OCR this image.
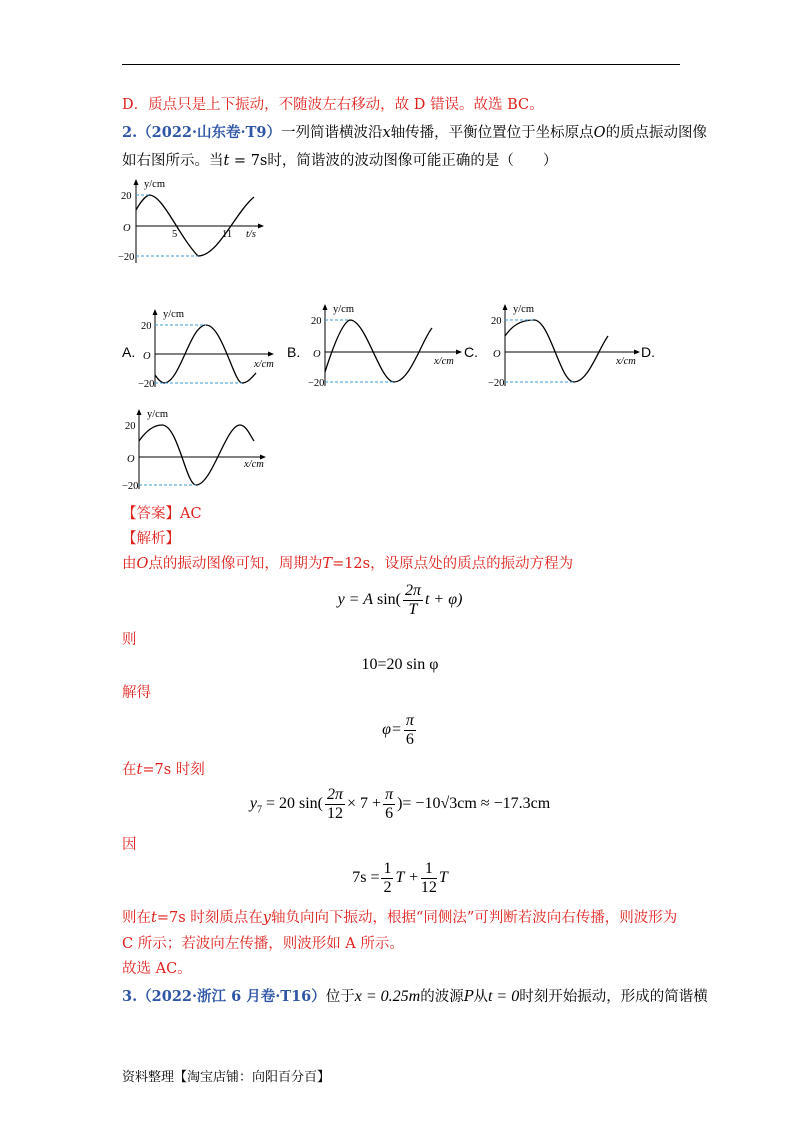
D．质点只是上下振动，不随波左右移动，故 D 错误。故选 BC。
2.（2022·山东卷·T9）一列简谐横波沿x轴传播，平衡位置位于坐标原点O的质点振动图像
如右图所示。当t = 7s时，简谐波的波动图像可能正确的是（　　）
y/cm
20
O
−20
5	11 t/s
A.	B.	C.	D.
y/cm
20
O
−20
x/cm
y/cm
20
O
−20
x/cm
y/cm
20
O
−20
x/cm
y/cm
20
O
−20
x/cm
【答案】AC
【解析】
由O点的振动图像可知，周期为T=12s，设原点处的质点的振动方程为
y = A $\sin( \frac{2\pi}{T}$ t + φ)
则
10=20 sin φ
解得
$\varphi= \frac{\pi}{6}$
在t=7s 时刻
$y_7 = 20$ $\sin( \frac{2\pi}{12} \times 7 + \frac{\pi}{6}$ )= −10√3cm ≈ −17.3cm
因
$7s = \frac{1}{2}$ $T + \frac{1}{12}$ T
则在t=7s 时刻质点在y轴负向向下振动，根据“同侧法”可判断若波向右传播，则波形为
C 所示；若波向左传播，则波形如 A 所示。
故选 AC。
3.（2022·浙江 6 月卷·T16）位于x = 0.25m的波源P从t = 0时刻开始振动，形成的简谐横
资料整理【淘宝店铺：向阳百分百】
